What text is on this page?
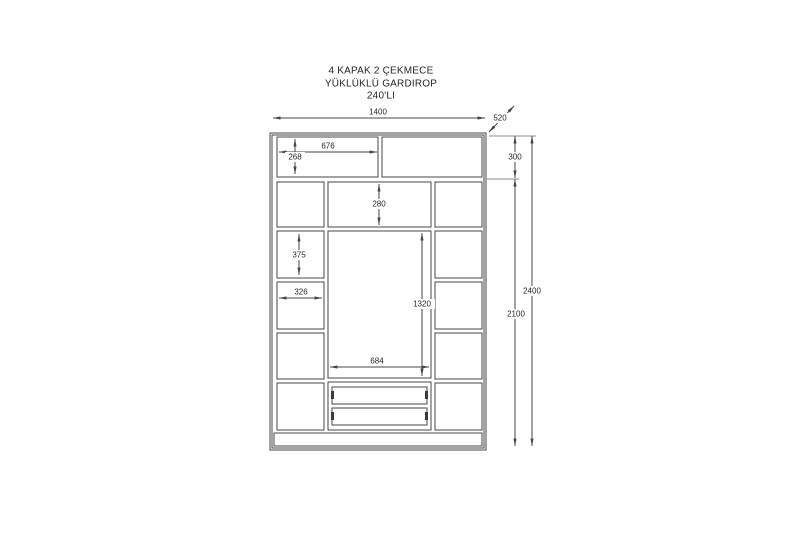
4 KAPAK 2 ÇEKMECE
YÜKLÜKLÜ GARDIROP
240'LI
1400
520
300
2100
2400
676
268
280
375
326
1320
684
